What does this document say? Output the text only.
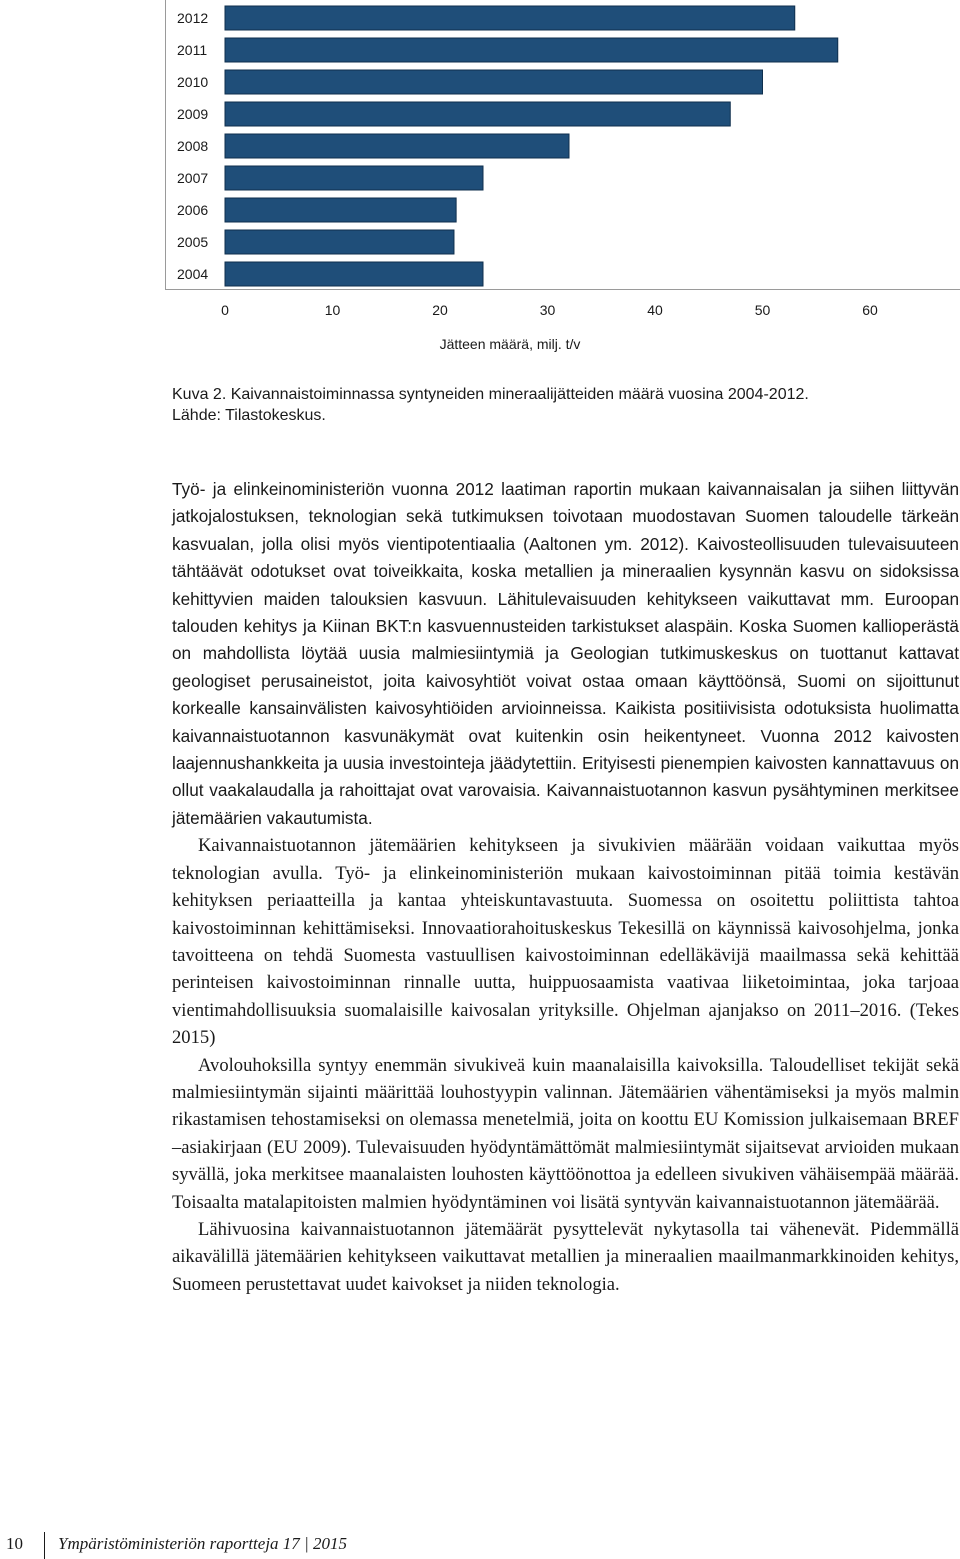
2012
2011
2010
2009
2008
2007
2006
2005
2004
0	10	20	30	40	50	60
Jätteen määrä, milj. t/v
Kuva 2. Kaivannaistoiminnassa syntyneiden mineraalijätteiden määrä vuosina 2004-2012.
Lähde: Tilastokeskus.

Työ- ja elinkeinoministeriön vuonna 2012 laatiman raportin mukaan kaivannaisalan ja siihen liittyvän jatkojalostuksen, teknologian sekä tutkimuksen toivotaan muodostavan Suomen taloudelle tärkeän kasvualan, jolla olisi myös vientipotentiaalia (Aaltonen ym. 2012). Kaivosteollisuuden tulevaisuuteen tähtäävät odotukset ovat toiveikkaita, koska metallien ja mineraalien kysynnän kasvu on sidoksissa kehittyvien maiden talouksien kasvuun. Lähitulevaisuuden kehitykseen vaikuttavat mm. Euroopan talouden kehitys ja Kiinan BKT:n kasvuennusteiden tarkistukset alaspäin. Koska Suomen kallioperästä on mahdollista löytää uusia malmiesiintymiä ja Geologian tutkimuskeskus on tuottanut kattavat geologiset perusaineistot, joita kaivosyhtiöt voivat ostaa omaan käyttöönsä, Suomi on sijoittunut korkealle kansainvälisten kaivosyhtiöiden arvioinneissa. Kaikista positiivisista odotuksista huolimatta kaivannaistuotannon kasvunäkymät ovat kuitenkin osin heikentyneet. Vuonna 2012 kaivosten laajennushankkeita ja uusia investointeja jäädytettiin. Erityisesti pienempien kaivosten kannattavuus on ollut vaakalaudalla ja rahoittajat ovat varovaisia. Kaivannaistuotannon kasvun pysähtyminen merkitsee jätemäärien vakautumista.

Kaivannaistuotannon jätemäärien kehitykseen ja sivukivien määrään voidaan vaikuttaa myös teknologian avulla. Työ- ja elinkeinoministeriön mukaan kaivostoiminnan pitää toimia kestävän kehityksen periaatteilla ja kantaa yhteiskuntavastuuta. Suomessa on osoitettu poliittista tahtoa kaivostoiminnan kehittämiseksi. Innovaatiorahoituskeskus Tekesillä on käynnissä kaivosohjelma, jonka tavoitteena on tehdä Suomesta vastuullisen kaivostoiminnan edelläkävijä maailmassa sekä kehittää perinteisen kaivostoiminnan rinnalle uutta, huippuosaamista vaativaa liiketoimintaa, joka tarjoaa vientimahdollisuuksia suomalaisille kaivosalan yrityksille. Ohjelman ajanjakso on 2011–2016. (Tekes 2015)

Avolouhoksilla syntyy enemmän sivukiveä kuin maanalaisilla kaivoksilla. Taloudelliset tekijät sekä malmiesiintymän sijainti määrittää louhostyypin valinnan. Jätemäärien vähentämiseksi ja myös malmin rikastamisen tehostamiseksi on olemassa menetelmiä, joita on koottu EU Komission julkaisemaan BREF –asiakirjaan (EU 2009). Tulevaisuuden hyödyntämättömät malmiesiintymät sijaitsevat arvioiden mukaan syvällä, joka merkitsee maanalaisten louhosten käyttöönottoa ja edelleen sivukiven vähäisempää määrää. Toisaalta matalapitoisten malmien hyödyntäminen voi lisätä syntyvän kaivannaistuotannon jätemäärää.

Lähivuosina kaivannaistuotannon jätemäärät pysyttelevät nykytasolla tai vähenevät. Pidemmällä aikavälillä jätemäärien kehitykseen vaikuttavat metallien ja mineraalien maailmanmarkkinoiden kehitys, Suomeen perustettavat uudet kaivokset ja niiden teknologia.

10 Ympäristöministeriön raportteja 17 | 2015
